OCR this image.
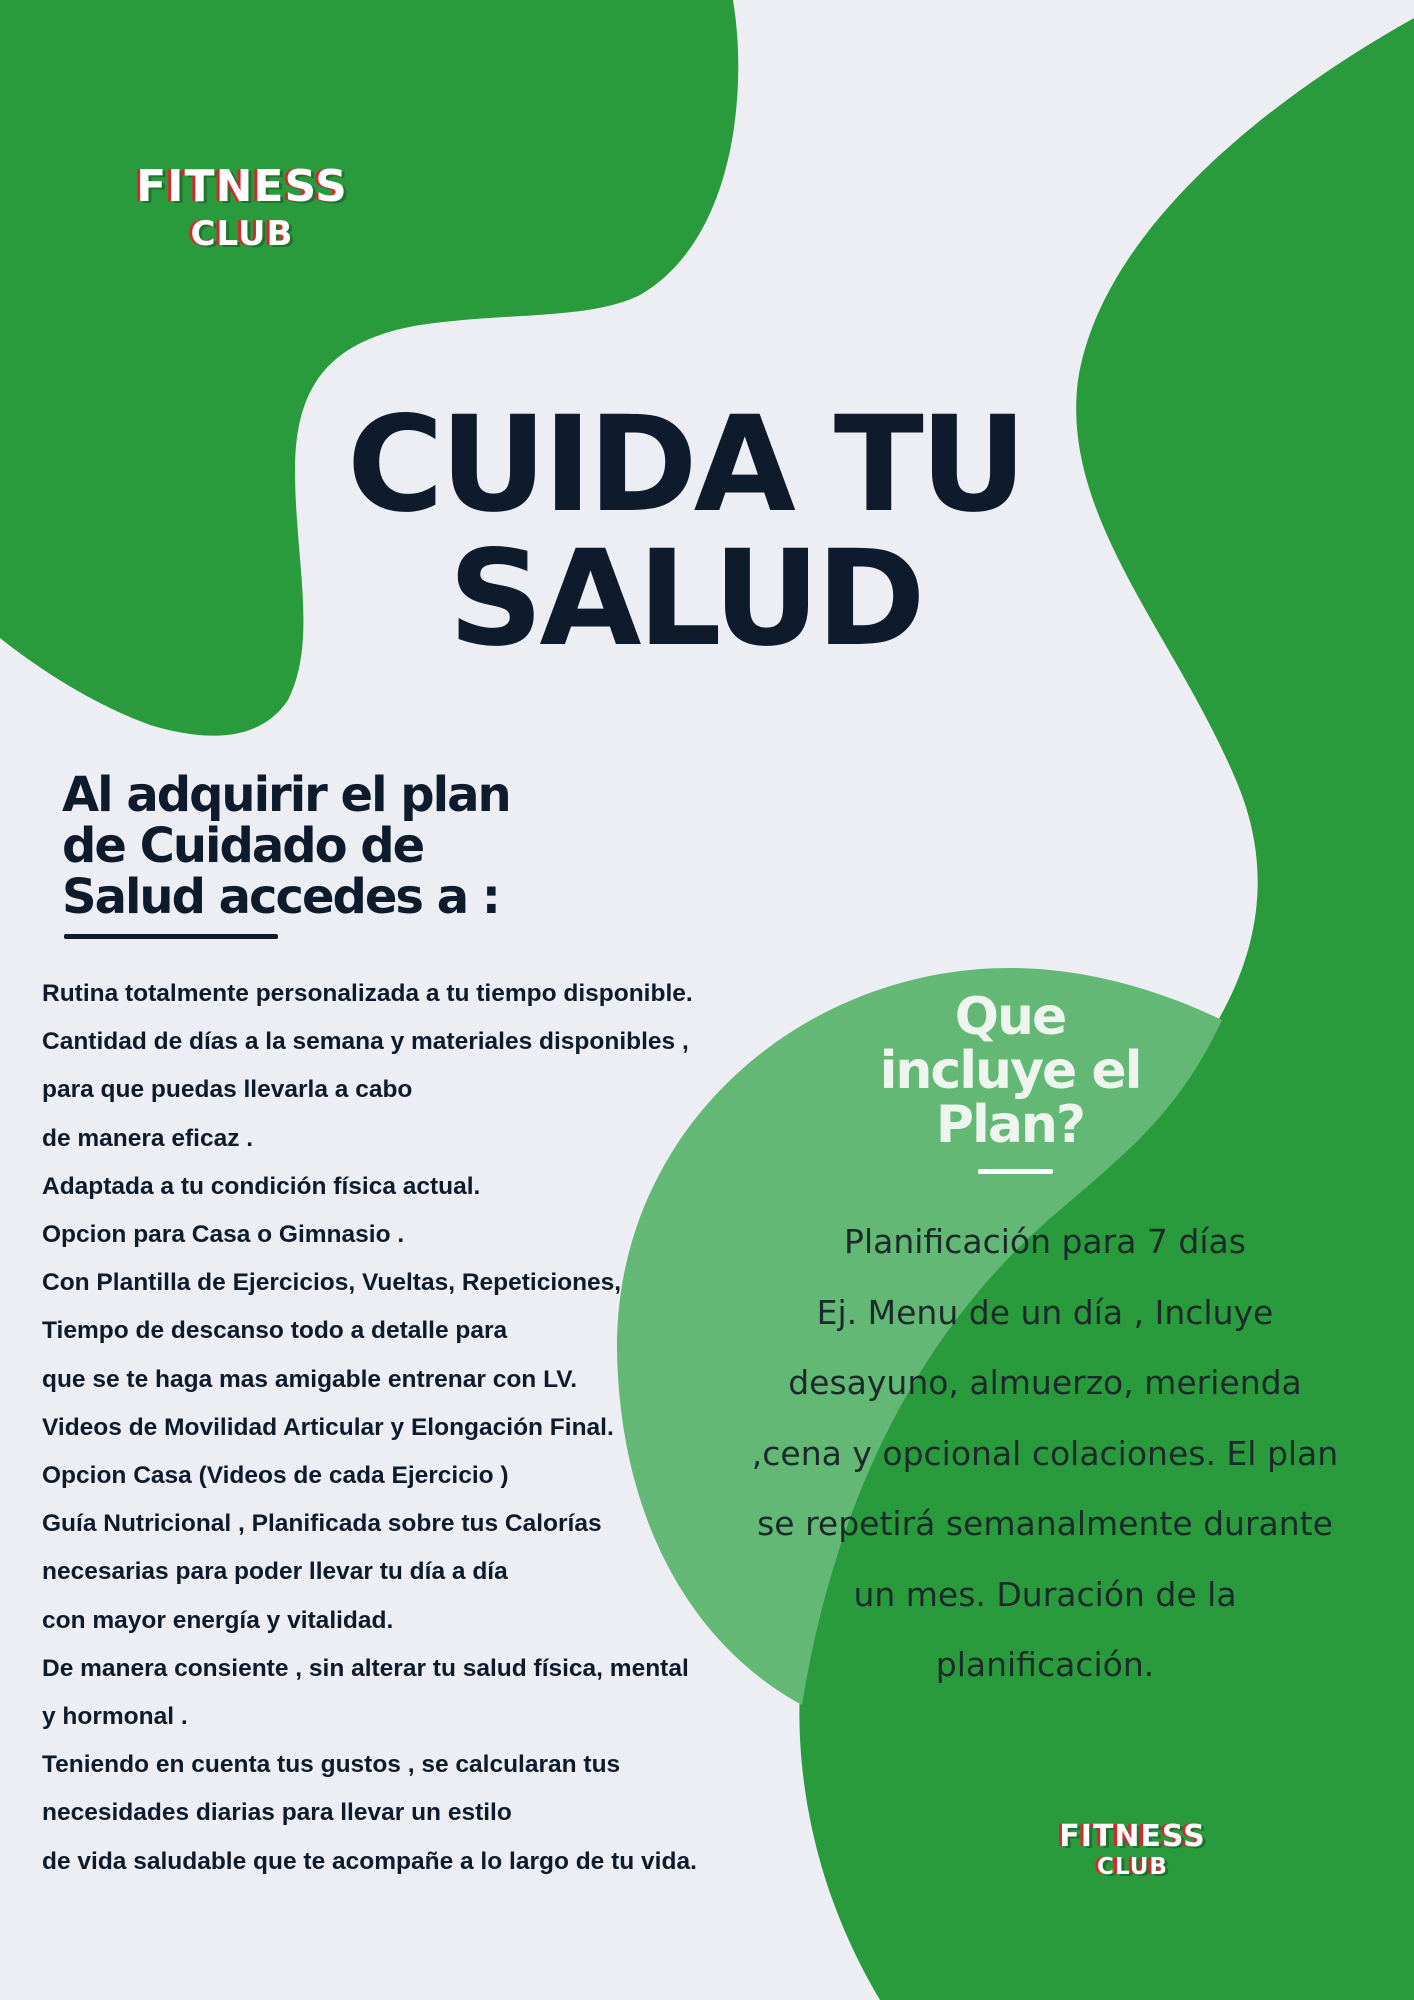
FITNESS
CLUB
CUIDA TU
SALUD
Al adquirir el plan
de Cuidado de
Salud accedes a :
Rutina totalmente personalizada a tu tiempo disponible.
Cantidad de días a la semana y materiales disponibles ,
para que puedas llevarla a cabo
de manera eficaz .
Adaptada a tu condición física actual.
Opcion para Casa o Gimnasio .
Con Plantilla de Ejercicios, Vueltas, Repeticiones,
Tiempo de descanso todo a detalle para
que se te haga mas amigable entrenar con LV.
Videos de Movilidad Articular y Elongación Final.
Opcion Casa (Videos de cada Ejercicio )
Guía Nutricional , Planificada sobre tus Calorías
necesarias para poder llevar tu día a día
con mayor energía y vitalidad.
De manera consiente , sin alterar tu salud física, mental
y hormonal .
Teniendo en cuenta tus gustos , se calcularan tus
necesidades diarias para llevar un estilo
de vida saludable que te acompañe a lo largo de tu vida.
Que
incluye el
Plan?
Planificación para 7 días
Ej. Menu de un día , Incluye
desayuno, almuerzo, merienda
,cena y opcional colaciones. El plan
se repetirá semanalmente durante
un mes. Duración de la
planificación.
FITNESS
CLUB
